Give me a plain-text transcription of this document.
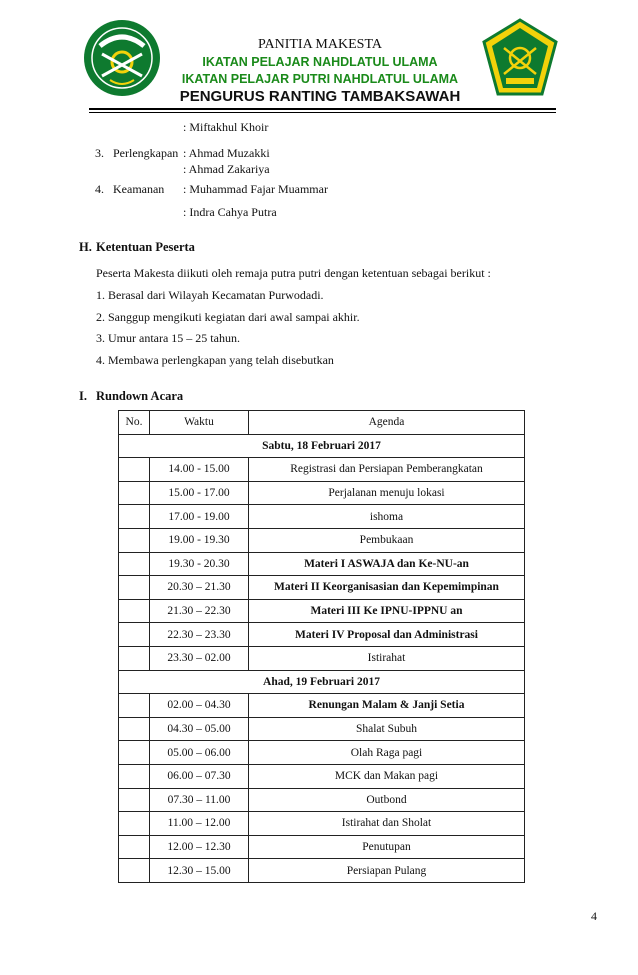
PANITIA MAKESTA
IKATAN PELAJAR NAHDLATUL ULAMA
IKATAN PELAJAR PUTRI NAHDLATUL ULAMA
PENGURUS RANTING TAMBAKSAWAH
: Miftakhul Khoir
3. Perlengkapan : Ahmad Muzakki
: Ahmad Zakariya
4. Keamanan : Muhammad Fajar Muammar
: Indra Cahya Putra
H. Ketentuan Peserta
Peserta Makesta diikuti oleh remaja putra putri dengan ketentuan sebagai berikut :
1. Berasal dari Wilayah Kecamatan Purwodadi.
2. Sanggup mengikuti kegiatan dari awal sampai akhir.
3. Umur antara 15 – 25 tahun.
4. Membawa perlengkapan yang telah disebutkan
I. Rundown Acara
No.	Waktu	Agenda
Sabtu, 18 Februari 2017		
	14.00 - 15.00	Registrasi dan Persiapan Pemberangkatan
	15.00 - 17.00	Perjalanan menuju lokasi
	17.00 - 19.00	ishoma
	19.00 - 19.30	Pembukaan
	19.30 - 20.30	Materi I ASWAJA dan Ke-NU-an
	20.30 – 21.30	Materi II Keorganisasian dan Kepemimpinan
	21.30 – 22.30	Materi III Ke IPNU-IPPNU an
	22.30 – 23.30	Materi IV Proposal dan Administrasi
	23.30 – 02.00	Istirahat
Ahad, 19 Februari 2017		
	02.00 – 04.30	Renungan Malam & Janji Setia
	04.30 – 05.00	Shalat Subuh
	05.00 – 06.00	Olah Raga pagi
	06.00 – 07.30	MCK dan Makan pagi
	07.30 – 11.00	Outbond
	11.00 – 12.00	Istirahat dan Sholat
	12.00 – 12.30	Penutupan
	12.30 – 15.00	Persiapan Pulang
4
